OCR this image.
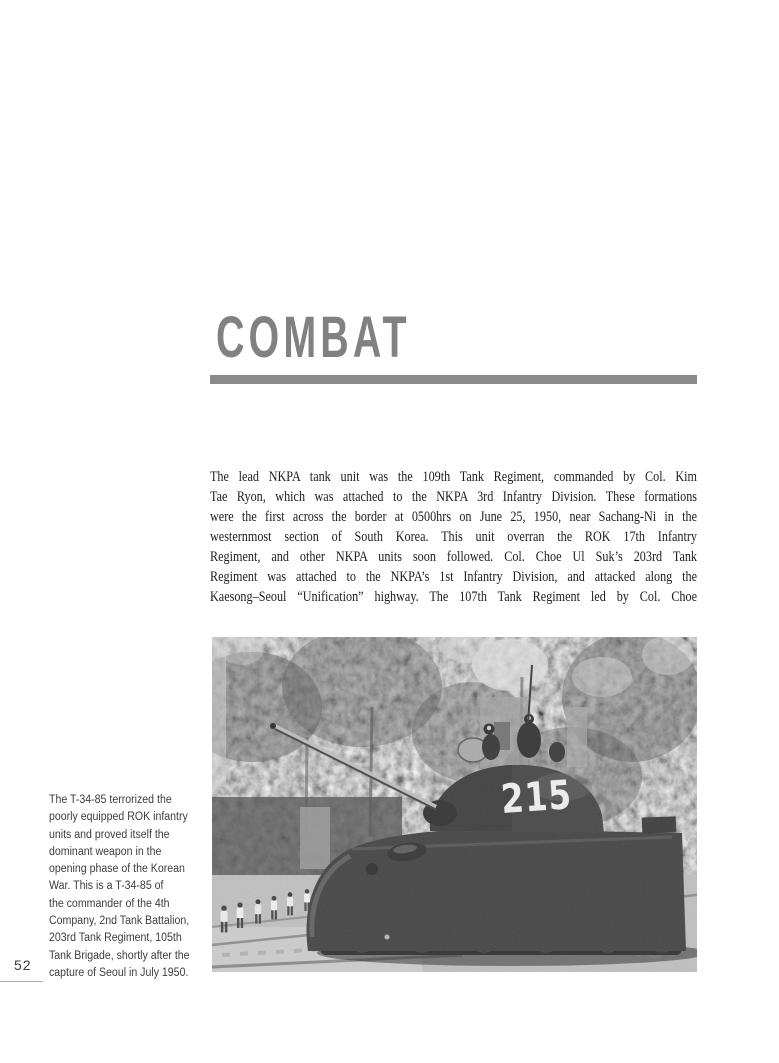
COMBAT
The lead NKPA tank unit was the 109th Tank Regiment, commanded by Col. Kim
Tae Ryon, which was attached to the NKPA 3rd Infantry Division. These formations
were the first across the border at 0500hrs on June 25, 1950, near Sachang-Ni in the
westernmost section of South Korea. This unit overran the ROK 17th Infantry
Regiment, and other NKPA units soon followed. Col. Choe Ul Suk’s 203rd Tank
Regiment was attached to the NKPA’s 1st Infantry Division, and attacked along the
Kaesong–Seoul “Unification” highway. The 107th Tank Regiment led by Col. Choe
The T-34-85 terrorized the
poorly equipped ROK infantry
units and proved itself the
dominant weapon in the
opening phase of the Korean
War. This is a T-34-85 of
the commander of the 4th
Company, 2nd Tank Battalion,
203rd Tank Regiment, 105th
Tank Brigade, shortly after the
capture of Seoul in July 1950.
52
